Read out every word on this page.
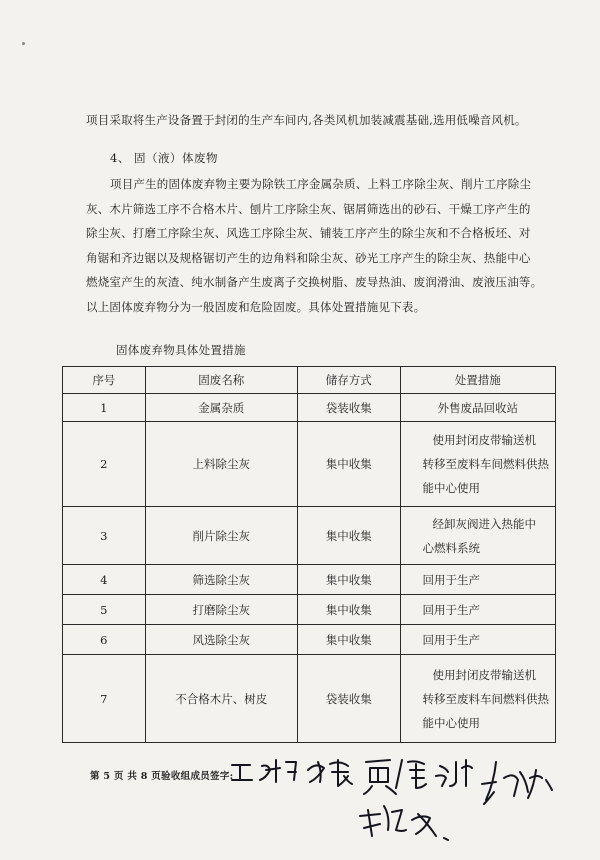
项目采取将生产设备置于封闭的生产车间内,各类风机加装减震基础,选用低噪音风机。

4、 固（液）体废物

项目产生的固体废弃物主要为除铁工序金属杂质、上料工序除尘灰、削片工序除尘
灰、木片筛选工序不合格木片、刨片工序除尘灰、锯屑筛选出的砂石、干燥工序产生的
除尘灰、打磨工序除尘灰、风选工序除尘灰、铺装工序产生的除尘灰和不合格板坯、对
角锯和齐边锯以及规格锯切产生的边角料和除尘灰、砂光工序产生的除尘灰、热能中心
燃烧室产生的灰渣、纯水制备产生废离子交换树脂、废导热油、废润滑油、废液压油等。
以上固体废弃物分为一般固废和危险固废。具体处置措施见下表。

固体废弃物具体处置措施
序号	固废名称	储存方式	处置措施
1	金属杂质	袋装收集	外售废品回收站
2	上料除尘灰	集中收集	使用封闭皮带输送机
转移至废料车间燃料供热
能中心使用

3	削片除尘灰	集中收集	经卸灰阀进入热能中
心燃料系统

4	筛选除尘灰	集中收集	回用于生产
5	打磨除尘灰	集中收集	回用于生产
6	风选除尘灰	集中收集	回用于生产
7	不合格木片、树皮	袋装收集	使用封闭皮带输送机
转移至废料车间燃料供热
能中心使用
第 5 页 共 8 页验收组成员签字:
